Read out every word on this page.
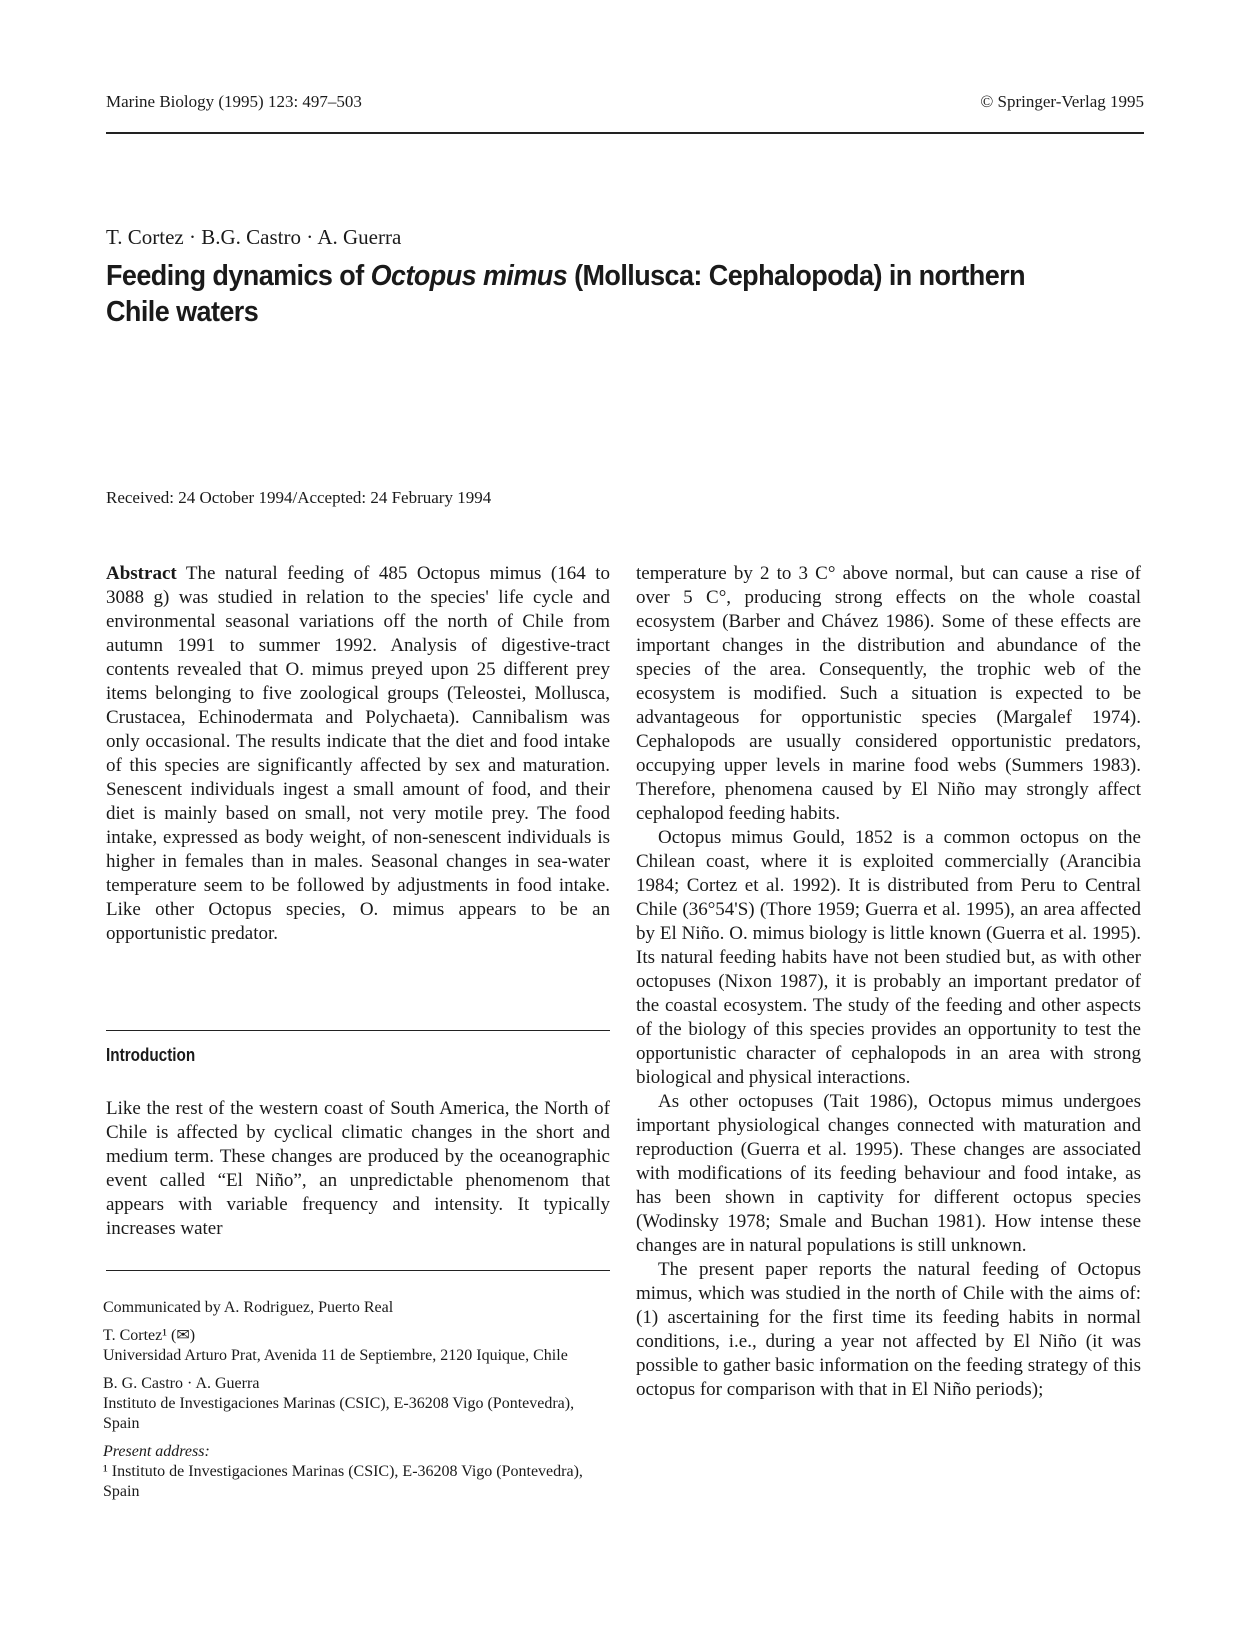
Marine Biology (1995) 123: 497–503	© Springer-Verlag 1995
T. Cortez · B.G. Castro · A. Guerra
Feeding dynamics of Octopus mimus (Mollusca: Cephalopoda) in northern Chile waters
Received: 24 October 1994/Accepted: 24 February 1994

Abstract The natural feeding of 485 Octopus mimus (164 to 3088 g) was studied in relation to the species' life cycle and environmental seasonal variations off the north of Chile from autumn 1991 to summer 1992. Analysis of digestive-tract contents revealed that O. mimus preyed upon 25 different prey items belonging to five zoological groups (Teleostei, Mollusca, Crustacea, Echinodermata and Polychaeta). Cannibalism was only occasional. The results indicate that the diet and food intake of this species are significantly affected by sex and maturation. Senescent individuals ingest a small amount of food, and their diet is mainly based on small, not very motile prey. The food intake, expressed as body weight, of non-senescent individuals is higher in females than in males. Seasonal changes in sea-water temperature seem to be followed by adjustments in food intake. Like other Octopus species, O. mimus appears to be an opportunistic predator.

Introduction

Like the rest of the western coast of South America, the North of Chile is affected by cyclical climatic changes in the short and medium term. These changes are produced by the oceanographic event called “El Niño”, an unpredictable phenomenom that appears with variable frequency and intensity. It typically increases water

Communicated by A. Rodriguez, Puerto Real

T. Cortez¹ (✉)

Universidad Arturo Prat, Avenida 11 de Septiembre, 2120 Iquique, Chile

B. G. Castro · A. Guerra

Instituto de Investigaciones Marinas (CSIC), E-36208 Vigo (Pontevedra), Spain

Present address:

¹ Instituto de Investigaciones Marinas (CSIC), E-36208 Vigo (Pontevedra), Spain

temperature by 2 to 3 C° above normal, but can cause a rise of over 5 C°, producing strong effects on the whole coastal ecosystem (Barber and Chávez 1986). Some of these effects are important changes in the distribution and abundance of the species of the area. Consequently, the trophic web of the ecosystem is modified. Such a situation is expected to be advantageous for opportunistic species (Margalef 1974). Cephalopods are usually considered opportunistic predators, occupying upper levels in marine food webs (Summers 1983). Therefore, phenomena caused by El Niño may strongly affect cephalopod feeding habits.

Octopus mimus Gould, 1852 is a common octopus on the Chilean coast, where it is exploited commercially (Arancibia 1984; Cortez et al. 1992). It is distributed from Peru to Central Chile (36°54'S) (Thore 1959; Guerra et al. 1995), an area affected by El Niño. O. mimus biology is little known (Guerra et al. 1995). Its natural feeding habits have not been studied but, as with other octopuses (Nixon 1987), it is probably an important predator of the coastal ecosystem. The study of the feeding and other aspects of the biology of this species provides an opportunity to test the opportunistic character of cephalopods in an area with strong biological and physical interactions.

As other octopuses (Tait 1986), Octopus mimus undergoes important physiological changes connected with maturation and reproduction (Guerra et al. 1995). These changes are associated with modifications of its feeding behaviour and food intake, as has been shown in captivity for different octopus species (Wodinsky 1978; Smale and Buchan 1981). How intense these changes are in natural populations is still unknown.

The present paper reports the natural feeding of Octopus mimus, which was studied in the north of Chile with the aims of: (1) ascertaining for the first time its feeding habits in normal conditions, i.e., during a year not affected by El Niño (it was possible to gather basic information on the feeding strategy of this octopus for comparison with that in El Niño periods);
